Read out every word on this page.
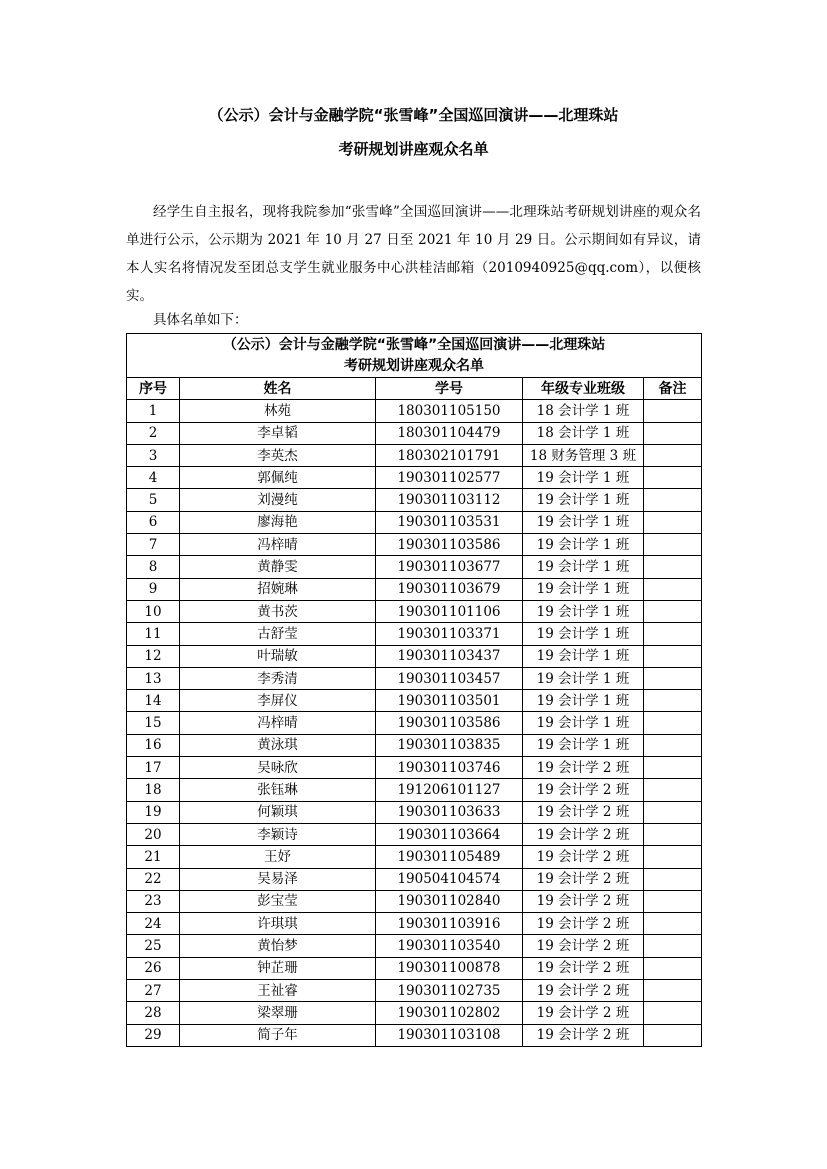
（公示）会计与金融学院“张雪峰”全国巡回演讲——北理珠站
考研规划讲座观众名单

经学生自主报名，现将我院参加“张雪峰”全国巡回演讲——北理珠站考研规划讲座的观众名单进行公示，公示期为 2021 年 10 月 27 日至 2021 年 10 月 29 日。公示期间如有异议，请本人实名将情况发至团总支学生就业服务中心洪桂洁邮箱（2010940925@qq.com），以便核实。

具体名单如下：

（公示）会计与金融学院“张雪峰”全国巡回演讲——北理珠站
考研规划讲座观众名单				

序号	姓名	学号	年级专业班级	备注
1	林苑	180301105150	18 会计学 1 班	
2	李卓韬	180301104479	18 会计学 1 班	
3	李英杰	180302101791	18 财务管理 3 班	
4	郭佩纯	190301102577	19 会计学 1 班	
5	刘漫纯	190301103112	19 会计学 1 班	
6	廖海艳	190301103531	19 会计学 1 班	
7	冯梓晴	190301103586	19 会计学 1 班	
8	黄静雯	190301103677	19 会计学 1 班	
9	招婉琳	190301103679	19 会计学 1 班	
10	黄书茨	190301101106	19 会计学 1 班	
11	古舒莹	190301103371	19 会计学 1 班	
12	叶瑞敏	190301103437	19 会计学 1 班	
13	李秀清	190301103457	19 会计学 1 班	
14	李屏仪	190301103501	19 会计学 1 班	
15	冯梓晴	190301103586	19 会计学 1 班	
16	黄泳琪	190301103835	19 会计学 1 班	
17	吴咏欣	190301103746	19 会计学 2 班	
18	张钰琳	191206101127	19 会计学 2 班	
19	何颖琪	190301103633	19 会计学 2 班	
20	李颖诗	190301103664	19 会计学 2 班	
21	王妤	190301105489	19 会计学 2 班	
22	吴易泽	190504104574	19 会计学 2 班	
23	彭宝莹	190301102840	19 会计学 2 班	
24	许琪琪	190301103916	19 会计学 2 班	
25	黄怡梦	190301103540	19 会计学 2 班	
26	钟芷珊	190301100878	19 会计学 2 班	
27	王祉睿	190301102735	19 会计学 2 班	
28	梁翠珊	190301102802	19 会计学 2 班	
29	简子年	190301103108	19 会计学 2 班	
